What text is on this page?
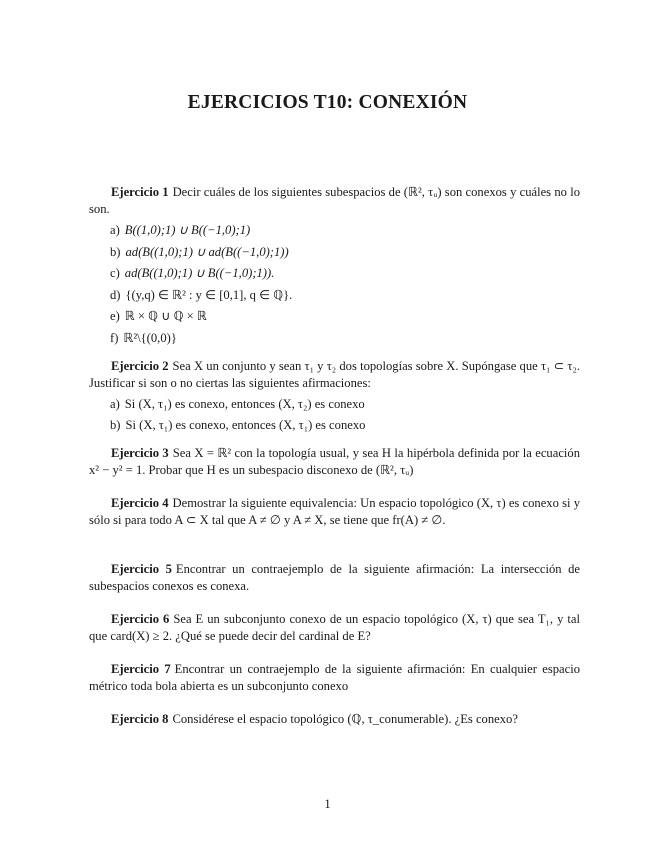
EJERCICIOS T10: CONEXIÓN

Ejercicio 1 Decir cuáles de los siguientes subespacios de (ℝ², τᵤ) son conexos y cuáles no lo son.

a) B((1,0);1) ∪ B((−1,0);1)
b) ad(B((1,0);1) ∪ ad(B((−1,0);1))
c) ad(B((1,0);1) ∪ B((−1,0);1)).
d) {(y,q) ∈ ℝ² : y ∈ [0,1], q ∈ ℚ}.
e) ℝ × ℚ ∪ ℚ × ℝ
f) ℝ²\{(0,0)}

Ejercicio 2 Sea X un conjunto y sean τ₁ y τ₂ dos topologías sobre X. Supóngase que τ₁ ⊂ τ₂. Justificar si son o no ciertas las siguientes afirmaciones:

a) Si (X, τ₁) es conexo, entonces (X, τ₂) es conexo
b) Si (X, τ₁) es conexo, entonces (X, τ₁) es conexo

Ejercicio 3 Sea X = ℝ² con la topología usual, y sea H la hipérbola definida por la ecuación x² − y² = 1. Probar que H es un subespacio disconexo de (ℝ², τᵤ)

Ejercicio 4 Demostrar la siguiente equivalencia: Un espacio topológico (X, τ) es conexo si y sólo si para todo A ⊂ X tal que A ≠ ∅ y A ≠ X, se tiene que fr(A) ≠ ∅.

Ejercicio 5 Encontrar un contraejemplo de la siguiente afirmación: La intersección de subespacios conexos es conexa.

Ejercicio 6 Sea E un subconjunto conexo de un espacio topológico (X, τ) que sea T₁, y tal que card(X) ≥ 2. ¿Qué se puede decir del cardinal de E?

Ejercicio 7 Encontrar un contraejemplo de la siguiente afirmación: En cualquier espacio métrico toda bola abierta es un subconjunto conexo

Ejercicio 8 Considérese el espacio topológico (ℚ, τ_conumerable). ¿Es conexo?

1
